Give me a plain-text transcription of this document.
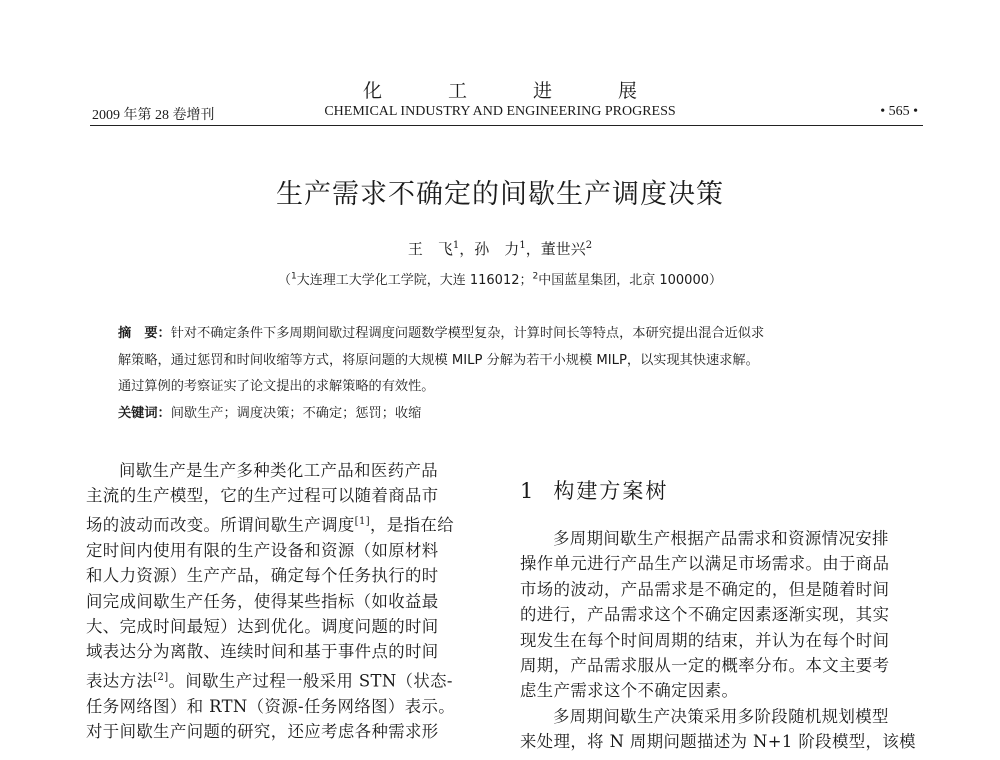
化 工 进 展
2009 年第 28 卷增刊	CHEMICAL INDUSTRY AND ENGINEERING PROGRESS	• 565 •
生产需求不确定的间歇生产调度决策
王　飞$^1$，孙　力$^1$，董世兴$^2$
（$^1$大连理工大学化工学院，大连 116012；$^2$中国蓝星集团，北京 100000）
摘　要：针对不确定条件下多周期间歇过程调度问题数学模型复杂，计算时间长等特点，本研究提出混合近似求
解策略，通过惩罚和时间收缩等方式，将原问题的大规模 MILP 分解为若干小规模 MILP，以实现其快速求解。
通过算例的考察证实了论文提出的求解策略的有效性。
关键词：间歇生产；调度决策；不确定；惩罚；收缩
间歇生产是生产多种类化工产品和医药产品
主流的生产模型，它的生产过程可以随着商品市
场的波动而改变。所谓间歇生产调度[1]，是指在给
定时间内使用有限的生产设备和资源（如原材料
和人力资源）生产产品，确定每个任务执行的时
间完成间歇生产任务，使得某些指标（如收益最
大、完成时间最短）达到优化。调度问题的时间
域表达分为离散、连续时间和基于事件点的时间
表达方法[2]。间歇生产过程一般采用 STN（状态-
任务网络图）和 RTN（资源-任务网络图）表示。
对于间歇生产问题的研究，还应考虑各种需求形
1 构建方案树
多周期间歇生产根据产品需求和资源情况安排
操作单元进行产品生产以满足市场需求。由于商品
市场的波动，产品需求是不确定的，但是随着时间
的进行，产品需求这个不确定因素逐渐实现，其实
现发生在每个时间周期的结束，并认为在每个时间
周期，产品需求服从一定的概率分布。本文主要考
虑生产需求这个不确定因素。
多周期间歇生产决策采用多阶段随机规划模型
来处理，将 N 周期问题描述为 N+1 阶段模型，该模
